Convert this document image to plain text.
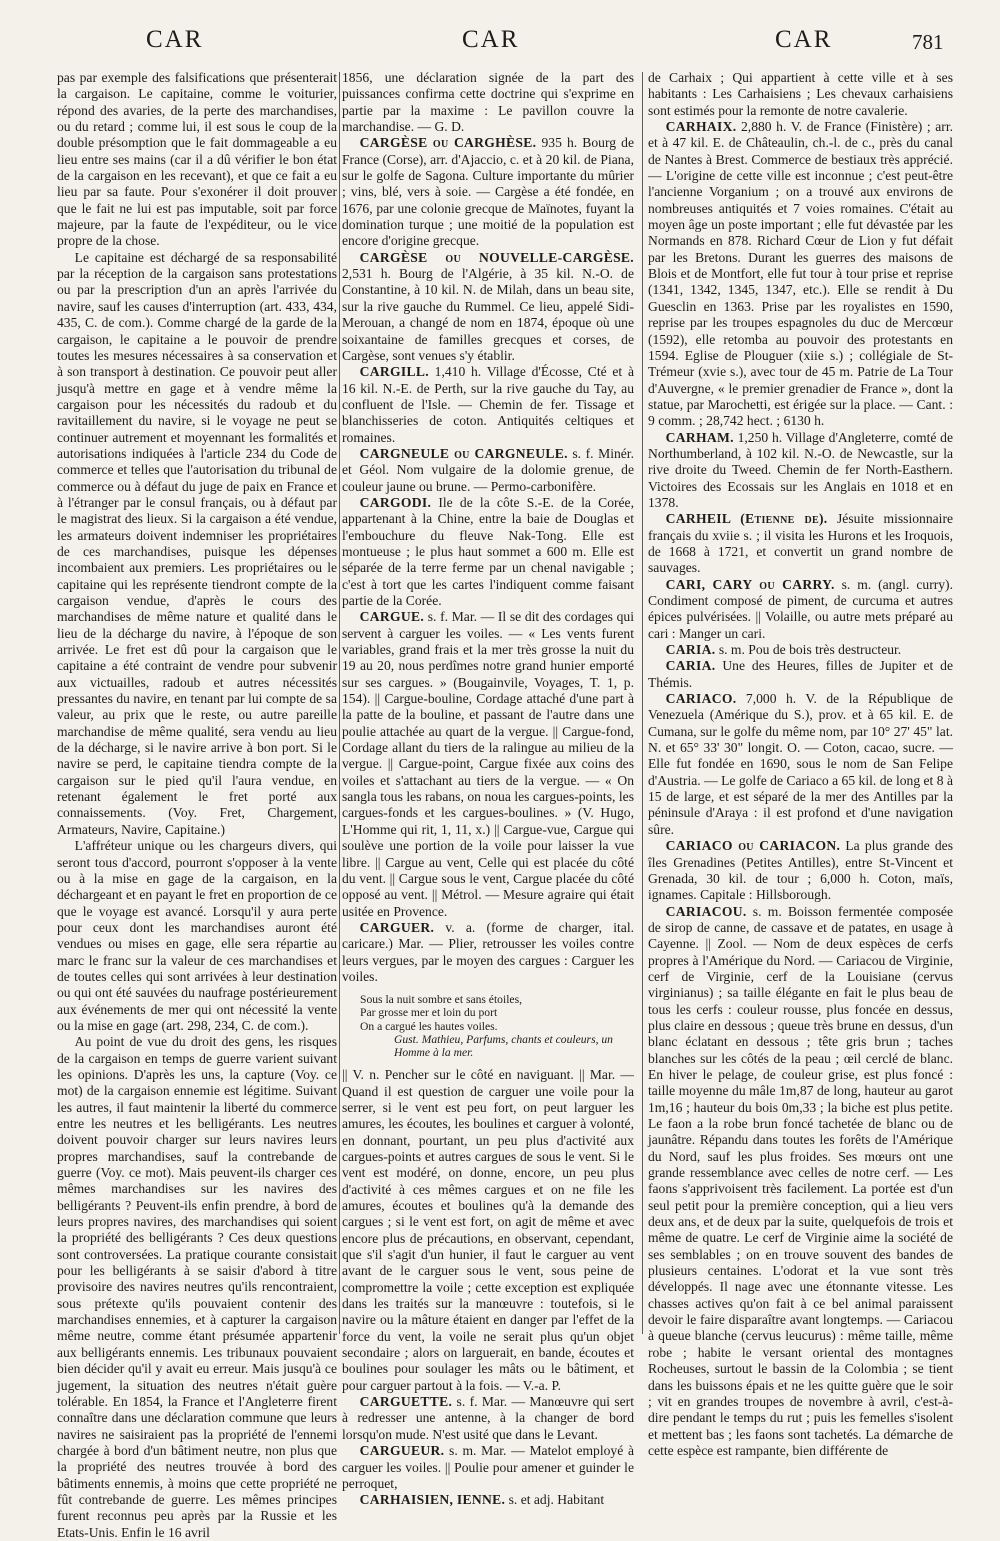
CAR	CAR	CAR	781

pas par exemple des falsifications que présenterait la cargaison. Le capitaine, comme le voiturier, répond des avaries, de la perte des marchandises, ou du retard ; comme lui, il est sous le coup de la double présomption que le fait dommageable a eu lieu entre ses mains (car il a dû vérifier le bon état de la cargaison en les recevant), et que ce fait a eu lieu par sa faute. Pour s'exonérer il doit prouver que le fait ne lui est pas imputable, soit par force majeure, par la faute de l'expéditeur, ou le vice propre de la chose.

Le capitaine est déchargé de sa responsabilité par la réception de la cargaison sans protestations ou par la prescription d'un an après l'arrivée du navire, sauf les causes d'interruption (art. 433, 434, 435, C. de com.). Comme chargé de la garde de la cargaison, le capitaine a le pouvoir de prendre toutes les mesures nécessaires à sa conservation et à son transport à destination. Ce pouvoir peut aller jusqu'à mettre en gage et à vendre même la cargaison pour les nécessités du radoub et du ravitaillement du navire, si le voyage ne peut se continuer autrement et moyennant les formalités et autorisations indiquées à l'article 234 du Code de commerce et telles que l'autorisation du tribunal de commerce ou à défaut du juge de paix en France et à l'étranger par le consul français, ou à défaut par le magistrat des lieux. Si la cargaison a été vendue, les armateurs doivent indemniser les propriétaires de ces marchandises, puisque les dépenses incombaient aux premiers. Les propriétaires ou le capitaine qui les représente tiendront compte de la cargaison vendue, d'après le cours des marchandises de même nature et qualité dans le lieu de la décharge du navire, à l'époque de son arrivée. Le fret est dû pour la cargaison que le capitaine a été contraint de vendre pour subvenir aux victuailles, radoub et autres nécessités pressantes du navire, en tenant par lui compte de sa valeur, au prix que le reste, ou autre pareille marchandise de même qualité, sera vendu au lieu de la décharge, si le navire arrive à bon port. Si le navire se perd, le capitaine tiendra compte de la cargaison sur le pied qu'il l'aura vendue, en retenant également le fret porté aux connaissements. (Voy. Fret, Chargement, Armateurs, Navire, Capitaine.)

L'affréteur unique ou les chargeurs divers, qui seront tous d'accord, pourront s'opposer à la vente ou à la mise en gage de la cargaison, en la déchargeant et en payant le fret en proportion de ce que le voyage est avancé. Lorsqu'il y aura perte pour ceux dont les marchandises auront été vendues ou mises en gage, elle sera répartie au marc le franc sur la valeur de ces marchandises et de toutes celles qui sont arrivées à leur destination ou qui ont été sauvées du naufrage postérieurement aux événements de mer qui ont nécessité la vente ou la mise en gage (art. 298, 234, C. de com.).

Au point de vue du droit des gens, les risques de la cargaison en temps de guerre varient suivant les opinions. D'après les uns, la capture (Voy. ce mot) de la cargaison ennemie est légitime. Suivant les autres, il faut maintenir la liberté du commerce entre les neutres et les belligérants. Les neutres doivent pouvoir charger sur leurs navires leurs propres marchandises, sauf la contrebande de guerre (Voy. ce mot). Mais peuvent-ils charger ces mêmes marchandises sur les navires des belligérants ? Peuvent-ils enfin prendre, à bord de leurs propres navires, des marchandises qui soient la propriété des belligérants ? Ces deux questions sont controversées. La pratique courante consistait pour les belligérants à se saisir d'abord à titre provisoire des navires neutres qu'ils rencontraient, sous prétexte qu'ils pouvaient contenir des marchandises ennemies, et à capturer la cargaison même neutre, comme étant présumée appartenir aux belligérants ennemis. Les tribunaux pouvaient bien décider qu'il y avait eu erreur. Mais jusqu'à ce jugement, la situation des neutres n'était guère tolérable. En 1854, la France et l'Angleterre firent connaître dans une déclaration commune que leurs navires ne saisiraient pas la propriété de l'ennemi chargée à bord d'un bâtiment neutre, non plus que la propriété des neutres trouvée à bord des bâtiments ennemis, à moins que cette propriété ne fût contrebande de guerre. Les mêmes principes furent reconnus peu après par la Russie et les Etats-Unis. Enfin le 16 avril

1856, une déclaration signée de la part des puissances confirma cette doctrine qui s'exprime en partie par la maxime : Le pavillon couvre la marchandise. — G. D.

CARGÈSE ou CARGHÈSE. 935 h. Bourg de France (Corse), arr. d'Ajaccio, c. et à 20 kil. de Piana, sur le golfe de Sagona. Culture importante du mûrier ; vins, blé, vers à soie. — Cargèse a été fondée, en 1676, par une colonie grecque de Maïnotes, fuyant la domination turque ; une moitié de la population est encore d'origine grecque.

CARGÈSE ou NOUVELLE-CARGÈSE. 2,531 h. Bourg de l'Algérie, à 35 kil. N.-O. de Constantine, à 10 kil. N. de Milah, dans un beau site, sur la rive gauche du Rummel. Ce lieu, appelé Sidi-Merouan, a changé de nom en 1874, époque où une soixantaine de familles grecques et corses, de Cargèse, sont venues s'y établir.

CARGILL. 1,410 h. Village d'Écosse, Cté et à 16 kil. N.-E. de Perth, sur la rive gauche du Tay, au confluent de l'Isle. — Chemin de fer. Tissage et blanchisseries de coton. Antiquités celtiques et romaines.

CARGNEULE ou CARGNEULE. s. f. Minér. et Géol. Nom vulgaire de la dolomie grenue, de couleur jaune ou brune. — Permo-carbonifère.

CARGODI. Ile de la côte S.-E. de la Corée, appartenant à la Chine, entre la baie de Douglas et l'embouchure du fleuve Nak-Tong. Elle est montueuse ; le plus haut sommet a 600 m. Elle est séparée de la terre ferme par un chenal navigable ; c'est à tort que les cartes l'indiquent comme faisant partie de la Corée.

CARGUE. s. f. Mar. — Il se dit des cordages qui servent à carguer les voiles. — « Les vents furent variables, grand frais et la mer très grosse la nuit du 19 au 20, nous perdîmes notre grand hunier emporté sur ses cargues. » (Bougainvile, Voyages, T. 1, p. 154). || Cargue-bouline, Cordage attaché d'une part à la patte de la bouline, et passant de l'autre dans une poulie attachée au quart de la vergue. || Cargue-fond, Cordage allant du tiers de la ralingue au milieu de la vergue. || Cargue-point, Cargue fixée aux coins des voiles et s'attachant au tiers de la vergue. — « On sangla tous les rabans, on noua les cargues-points, les cargues-fonds et les cargues-boulines. » (V. Hugo, L'Homme qui rit, 1, 11, x.) || Cargue-vue, Cargue qui soulève une portion de la voile pour laisser la vue libre. || Cargue au vent, Celle qui est placée du côté du vent. || Cargue sous le vent, Cargue placée du côté opposé au vent. || Métrol. — Mesure agraire qui était usitée en Provence.

CARGUER. v. a. (forme de charger, ital. caricare.) Mar. — Plier, retrousser les voiles contre leurs vergues, par le moyen des cargues : Carguer les voiles.

Sous la nuit sombre et sans étoiles,
Par grosse mer et loin du port
On a cargué les hautes voiles.
Gust. Mathieu, Parfums, chants et couleurs, un Homme à la mer.

|| V. n. Pencher sur le côté en naviguant. || Mar. — Quand il est question de carguer une voile pour la serrer, si le vent est peu fort, on peut larguer les amures, les écoutes, les boulines et carguer à volonté, en donnant, pourtant, un peu plus d'activité aux cargues-points et autres cargues de sous le vent. Si le vent est modéré, on donne, encore, un peu plus d'activité à ces mêmes cargues et on ne file les amures, écoutes et boulines qu'à la demande des cargues ; si le vent est fort, on agit de même et avec encore plus de précautions, en observant, cependant, que s'il s'agit d'un hunier, il faut le carguer au vent avant de le carguer sous le vent, sous peine de compromettre la voile ; cette exception est expliquée dans les traités sur la manœuvre : toutefois, si le navire ou la mâture étaient en danger par l'effet de la force du vent, la voile ne serait plus qu'un objet secondaire ; alors on larguerait, en bande, écoutes et boulines pour soulager les mâts ou le bâtiment, et pour carguer partout à la fois. — V.-a. P.

CARGUETTE. s. f. Mar. — Manœuvre qui sert à redresser une antenne, à la changer de bord lorsqu'on mude. N'est usité que dans le Levant.

CARGUEUR. s. m. Mar. — Matelot employé à carguer les voiles. || Poulie pour amener et guinder le perroquet,

CARHAISIEN, IENNE. s. et adj. Habitant

de Carhaix ; Qui appartient à cette ville et à ses habitants : Les Carhaisiens ; Les chevaux carhaisiens sont estimés pour la remonte de notre cavalerie.

CARHAIX. 2,880 h. V. de France (Finistère) ; arr. et à 47 kil. E. de Châteaulin, ch.-l. de c., près du canal de Nantes à Brest. Commerce de bestiaux très apprécié. — L'origine de cette ville est inconnue ; c'est peut-être l'ancienne Vorganium ; on a trouvé aux environs de nombreuses antiquités et 7 voies romaines. C'était au moyen âge un poste important ; elle fut dévastée par les Normands en 878. Richard Cœur de Lion y fut défait par les Bretons. Durant les guerres des maisons de Blois et de Montfort, elle fut tour à tour prise et reprise (1341, 1342, 1345, 1347, etc.). Elle se rendit à Du Guesclin en 1363. Prise par les royalistes en 1590, reprise par les troupes espagnoles du duc de Mercœur (1592), elle retomba au pouvoir des protestants en 1594. Eglise de Plouguer (xiie s.) ; collégiale de St-Trémeur (xvie s.), avec tour de 45 m. Patrie de La Tour d'Auvergne, « le premier grenadier de France », dont la statue, par Marochetti, est érigée sur la place. — Cant. : 9 comm. ; 28,742 hect. ; 6130 h.

CARHAM. 1,250 h. Village d'Angleterre, comté de Northumberland, à 102 kil. N.-O. de Newcastle, sur la rive droite du Tweed. Chemin de fer North-Easthern. Victoires des Ecossais sur les Anglais en 1018 et en 1378.

CARHEIL (Etienne de). Jésuite missionnaire français du xviie s. ; il visita les Hurons et les Iroquois, de 1668 à 1721, et convertit un grand nombre de sauvages.

CARI, CARY ou CARRY. s. m. (angl. curry). Condiment composé de piment, de curcuma et autres épices pulvérisées. || Volaille, ou autre mets préparé au cari : Manger un cari.

CARIA. s. m. Pou de bois très destructeur.

CARIA. Une des Heures, filles de Jupiter et de Thémis.

CARIACO. 7,000 h. V. de la République de Venezuela (Amérique du S.), prov. et à 65 kil. E. de Cumana, sur le golfe du même nom, par 10° 27' 45" lat. N. et 65° 33' 30" longit. O. — Coton, cacao, sucre. — Elle fut fondée en 1690, sous le nom de San Felipe d'Austria. — Le golfe de Cariaco a 65 kil. de long et 8 à 15 de large, et est séparé de la mer des Antilles par la péninsule d'Araya : il est profond et d'une navigation sûre.

CARIACO ou CARIACON. La plus grande des îles Grenadines (Petites Antilles), entre St-Vincent et Grenada, 30 kil. de tour ; 6,000 h. Coton, maïs, ignames. Capitale : Hillsborough.

CARIACOU. s. m. Boisson fermentée composée de sirop de canne, de cassave et de patates, en usage à Cayenne. || Zool. — Nom de deux espèces de cerfs propres à l'Amérique du Nord. — Cariacou de Virginie, cerf de Virginie, cerf de la Louisiane (cervus virginianus) ; sa taille élégante en fait le plus beau de tous les cerfs : couleur rousse, plus foncée en dessus, plus claire en dessous ; queue très brune en dessus, d'un blanc éclatant en dessous ; tête gris brun ; taches blanches sur les côtés de la peau ; œil cerclé de blanc. En hiver le pelage, de couleur grise, est plus foncé : taille moyenne du mâle 1m,87 de long, hauteur au garot 1m,16 ; hauteur du bois 0m,33 ; la biche est plus petite. Le faon a la robe brun foncé tachetée de blanc ou de jaunâtre. Répandu dans toutes les forêts de l'Amérique du Nord, sauf les plus froides. Ses mœurs ont une grande ressemblance avec celles de notre cerf. — Les faons s'apprivoisent très facilement. La portée est d'un seul petit pour la première conception, qui a lieu vers deux ans, et de deux par la suite, quelquefois de trois et même de quatre. Le cerf de Virginie aime la société de ses semblables ; on en trouve souvent des bandes de plusieurs centaines. L'odorat et la vue sont très développés. Il nage avec une étonnante vitesse. Les chasses actives qu'on fait à ce bel animal paraissent devoir le faire disparaître avant longtemps. — Cariacou à queue blanche (cervus leucurus) : même taille, même robe ; habite le versant oriental des montagnes Rocheuses, surtout le bassin de la Colombia ; se tient dans les buissons épais et ne les quitte guère que le soir ; vit en grandes troupes de novembre à avril, c'est-à-dire pendant le temps du rut ; puis les femelles s'isolent et mettent bas ; les faons sont tachetés. La démarche de cette espèce est rampante, bien différente de
